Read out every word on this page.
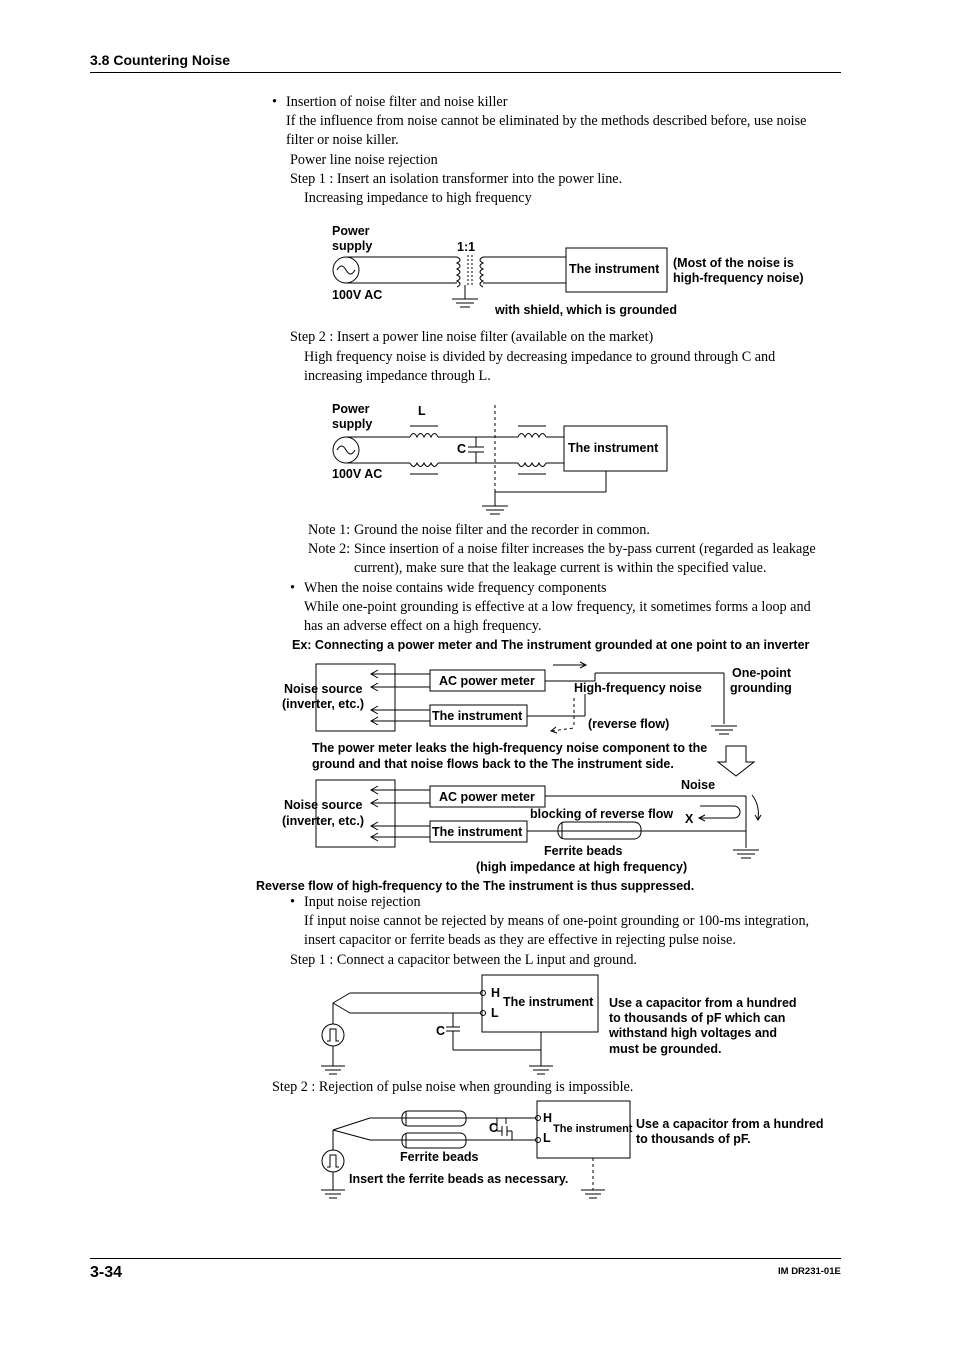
3.8 Countering Noise
• Insertion of noise filter and noise killer
If the influence from noise cannot be eliminated by the methods described before, use noise
filter or noise killer.
Power line noise rejection
Step 1 : Insert an isolation transformer into the power line.
Increasing impedance to high frequency
Step 2 : Insert a power line noise filter (available on the market)
High frequency noise is divided by decreasing impedance to ground through C and
increasing impedance through L.
Note 1: Ground the noise filter and the recorder in common.
Note 2: Since insertion of a noise filter increases the by-pass current (regarded as leakage
current), make sure that the leakage current is within the specified value.
• When the noise contains wide frequency components
While one-point grounding is effective at a low frequency, it sometimes forms a loop and
has an adverse effect on a high frequency.
Ex: Connecting a power meter and The instrument grounded at one point to an inverter
The power meter leaks the high-frequency noise component to the
ground and that noise flows back to the The instrument side.
Reverse flow of high-frequency to the The instrument is thus suppressed.
• Input noise rejection
If input noise cannot be rejected by means of one-point grounding or 100-ms integration,
insert capacitor or ferrite beads as they are effective in rejecting pulse noise.
Step 1 : Connect a capacitor between the L input and ground.
Step 2 : Rejection of pulse noise when grounding is impossible.
Power
supply	1:1
100V AC
The instrument (Most of the noise is
high-frequency noise)
with shield, which is grounded
Power
supply
L
C
100V AC
The instrument
Noise source
(inverter, etc.)
AC power meter
The instrument
High-frequency noise
One-point
grounding
(reverse flow)
Noise source
(inverter, etc.)
AC power meter
The instrument
Noise
blocking of reverse flow X
Ferrite beads
(high impedance at high frequency)
H
L
C
The instrument Use a capacitor from a hundred
to thousands of pF which can
withstand high voltages and
must be grounded.
H
L
C	The instrument Use a capacitor from a hundred
to thousands of pF.
Ferrite beads
Insert the ferrite beads as necessary.
3-34	IM DR231-01E
